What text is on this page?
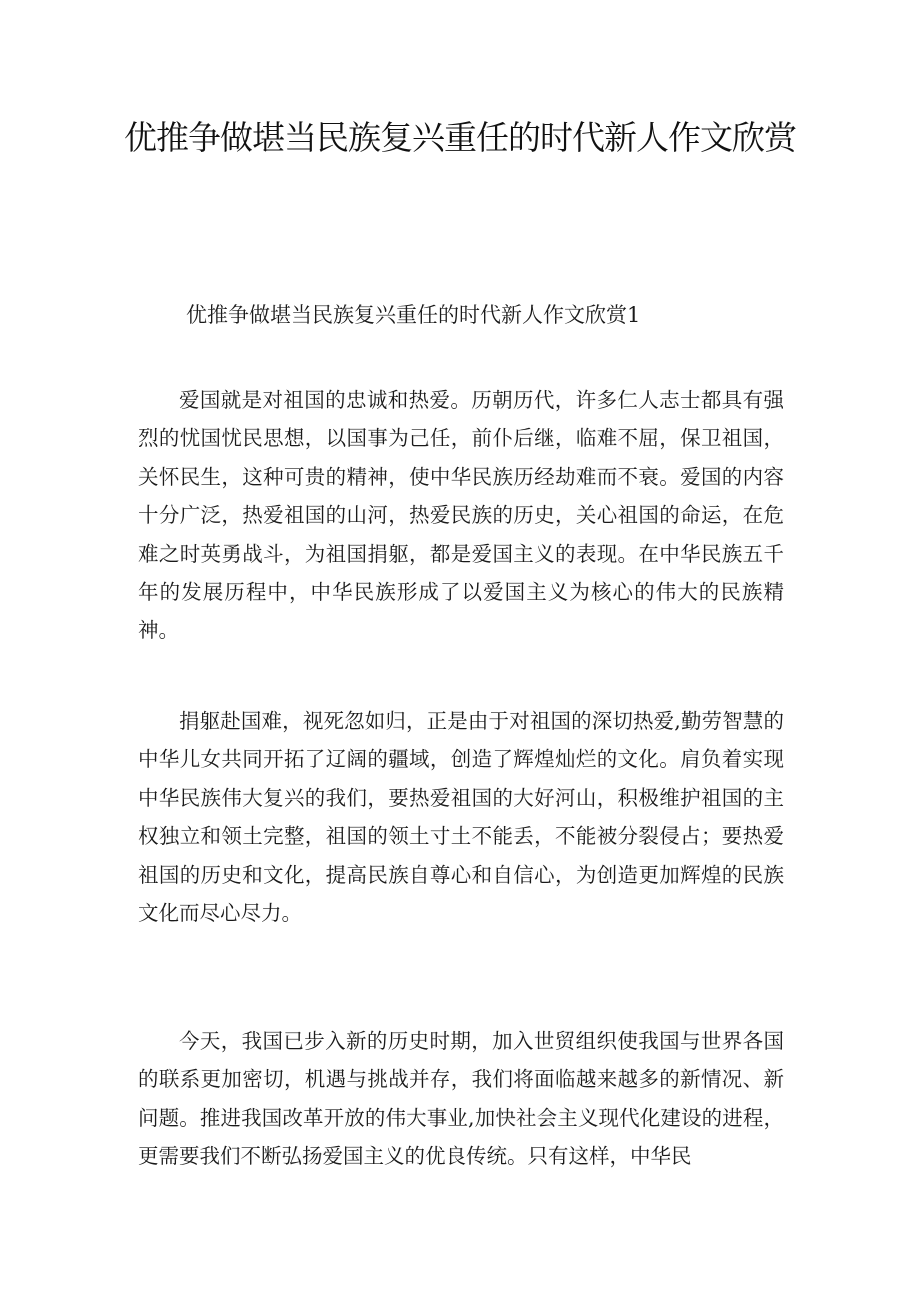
优推争做堪当民族复兴重任的时代新人作文欣赏

优推争做堪当民族复兴重任的时代新人作文欣赏1

爱国就是对祖国的忠诚和热爱。历朝历代，许多仁人志士都具有强烈的忧国忧民思想，以国事为己任，前仆后继，临难不屈，保卫祖国，关怀民生，这种可贵的精神，使中华民族历经劫难而不衰。爱国的内容十分广泛，热爱祖国的山河，热爱民族的历史，关心祖国的命运，在危难之时英勇战斗，为祖国捐躯，都是爱国主义的表现。在中华民族五千年的发展历程中，中华民族形成了以爱国主义为核心的伟大的民族精神。

捐躯赴国难，视死忽如归，正是由于对祖国的深切热爱,勤劳智慧的中华儿女共同开拓了辽阔的疆域，创造了辉煌灿烂的文化。肩负着实现中华民族伟大复兴的我们，要热爱祖国的大好河山，积极维护祖国的主权独立和领土完整，祖国的领土寸土不能丢，不能被分裂侵占；要热爱祖国的历史和文化，提高民族自尊心和自信心，为创造更加辉煌的民族文化而尽心尽力。

今天，我国已步入新的历史时期，加入世贸组织使我国与世界各国的联系更加密切，机遇与挑战并存，我们将面临越来越多的新情况、新问题。推进我国改革开放的伟大事业,加快社会主义现代化建设的进程，更需要我们不断弘扬爱国主义的优良传统。只有这样，中华民
